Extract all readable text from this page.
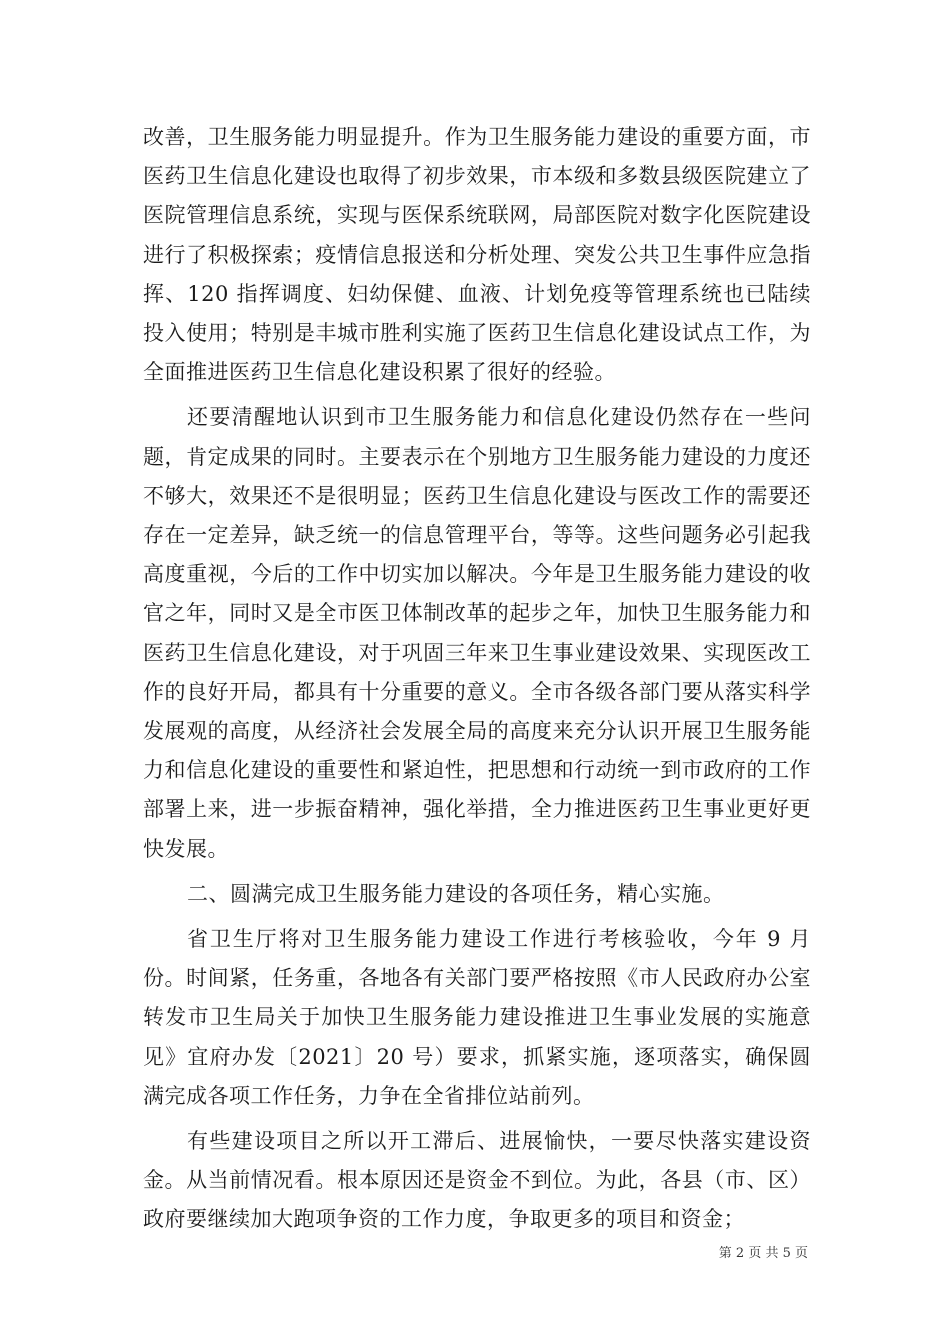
改善，卫生服务能力明显提升。作为卫生服务能力建设的重要方面，市医药卫生信息化建设也取得了初步效果，市本级和多数县级医院建立了医院管理信息系统，实现与医保系统联网，局部医院对数字化医院建设进行了积极探索；疫情信息报送和分析处理、突发公共卫生事件应急指挥、120 指挥调度、妇幼保健、血液、计划免疫等管理系统也已陆续投入使用；特别是丰城市胜利实施了医药卫生信息化建设试点工作，为全面推进医药卫生信息化建设积累了很好的经验。

还要清醒地认识到市卫生服务能力和信息化建设仍然存在一些问题，肯定成果的同时。主要表示在个别地方卫生服务能力建设的力度还不够大，效果还不是很明显；医药卫生信息化建设与医改工作的需要还存在一定差异，缺乏统一的信息管理平台，等等。这些问题务必引起我高度重视，今后的工作中切实加以解决。今年是卫生服务能力建设的收官之年，同时又是全市医卫体制改革的起步之年，加快卫生服务能力和医药卫生信息化建设，对于巩固三年来卫生事业建设效果、实现医改工作的良好开局，都具有十分重要的意义。全市各级各部门要从落实科学发展观的高度，从经济社会发展全局的高度来充分认识开展卫生服务能力和信息化建设的重要性和紧迫性，把思想和行动统一到市政府的工作部署上来，进一步振奋精神，强化举措，全力推进医药卫生事业更好更快发展。

二、圆满完成卫生服务能力建设的各项任务，精心实施。

省卫生厅将对卫生服务能力建设工作进行考核验收，今年 9 月份。时间紧，任务重，各地各有关部门要严格按照《市人民政府办公室转发市卫生局关于加快卫生服务能力建设推进卫生事业发展的实施意见》宜府办发〔2021〕20 号）要求，抓紧实施，逐项落实，确保圆满完成各项工作任务，力争在全省排位站前列。

有些建设项目之所以开工滞后、进展愉快，一要尽快落实建设资金。从当前情况看。根本原因还是资金不到位。为此，各县（市、区）政府要继续加大跑项争资的工作力度，争取更多的项目和资金；

第 2 页 共 5 页
